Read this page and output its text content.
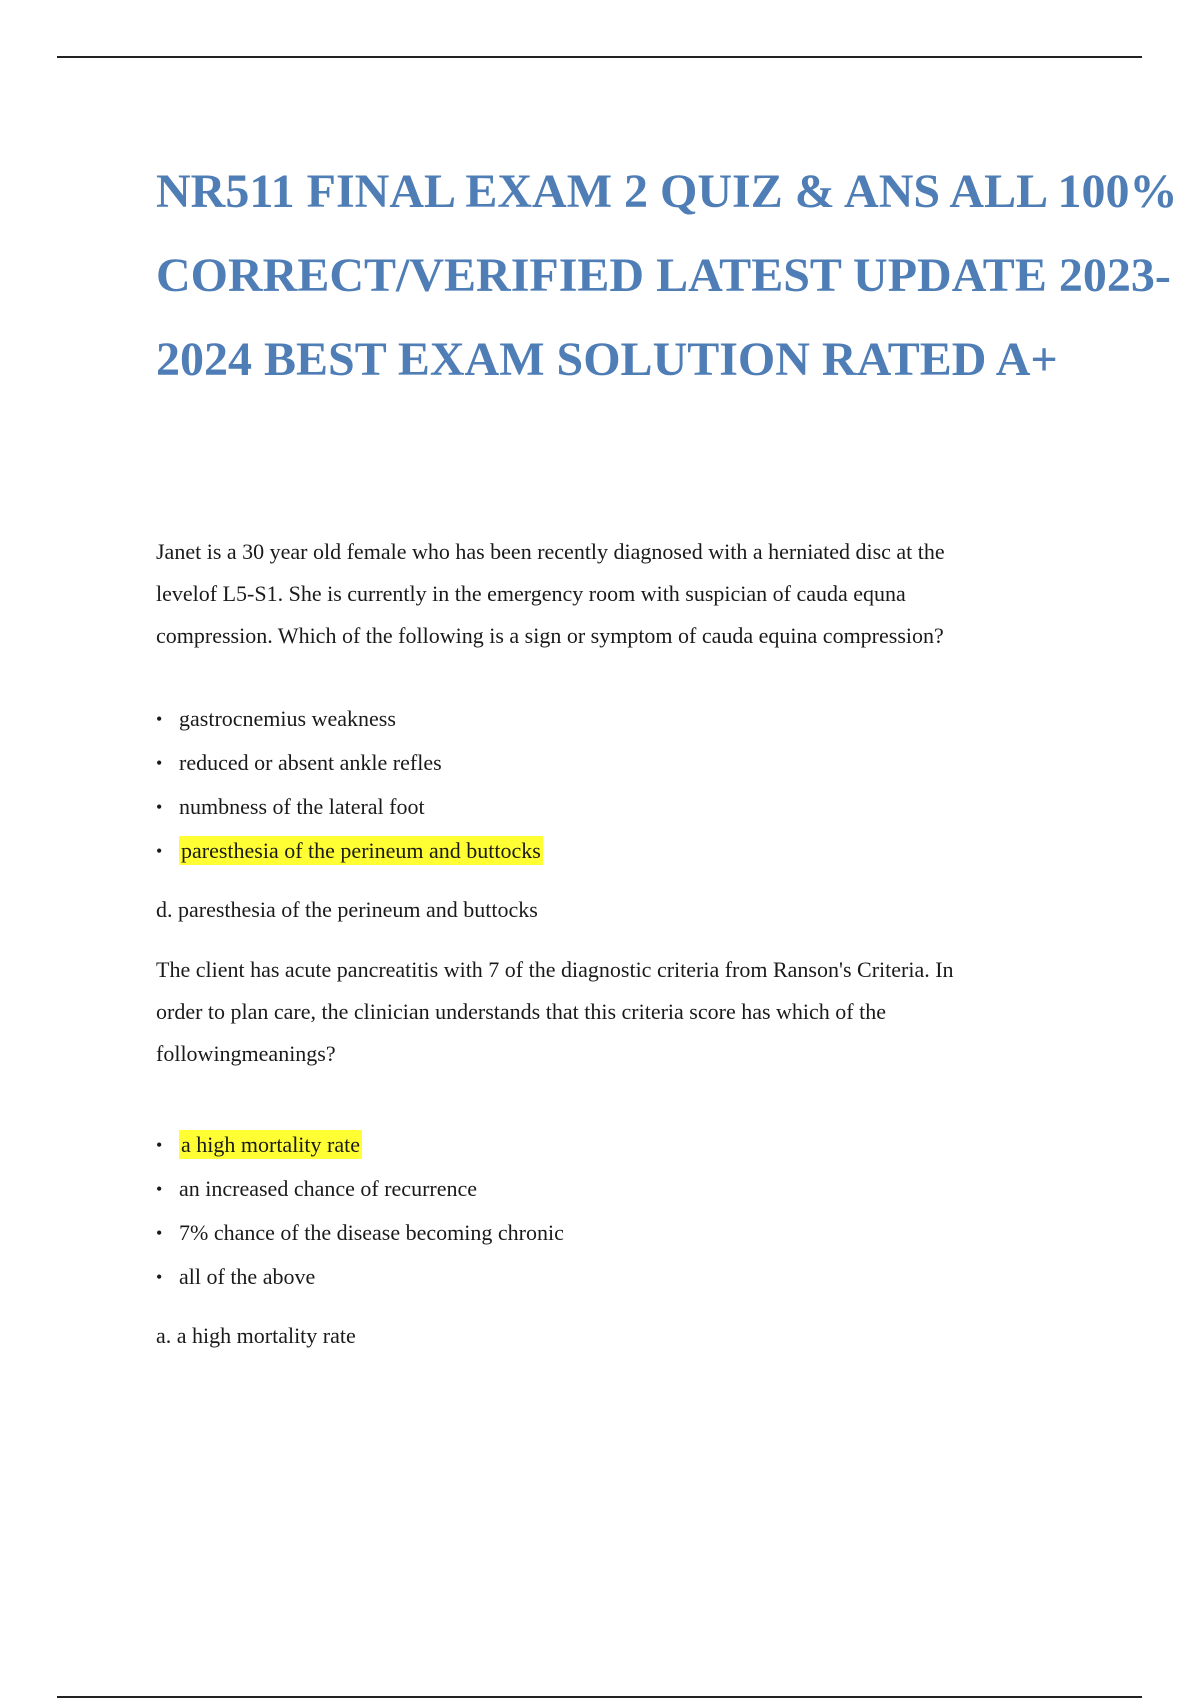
NR511 FINAL EXAM 2 QUIZ & ANS ALL 100%
CORRECT/VERIFIED LATEST UPDATE 2023-
2024 BEST EXAM SOLUTION RATED A+

Janet is a 30 year old female who has been recently diagnosed with a herniated disc at the
levelof L5-S1. She is currently in the emergency room with suspician of cauda equna
compression. Which of the following is a sign or symptom of cauda equina compression?

• gastrocnemius weakness
• reduced or absent ankle refles
• numbness of the lateral foot
• paresthesia of the perineum and buttocks

d. paresthesia of the perineum and buttocks

The client has acute pancreatitis with 7 of the diagnostic criteria from Ranson's Criteria. In
order to plan care, the clinician understands that this criteria score has which of the
followingmeanings?

• a high mortality rate
• an increased chance of recurrence
• 7% chance of the disease becoming chronic
• all of the above

a. a high mortality rate
